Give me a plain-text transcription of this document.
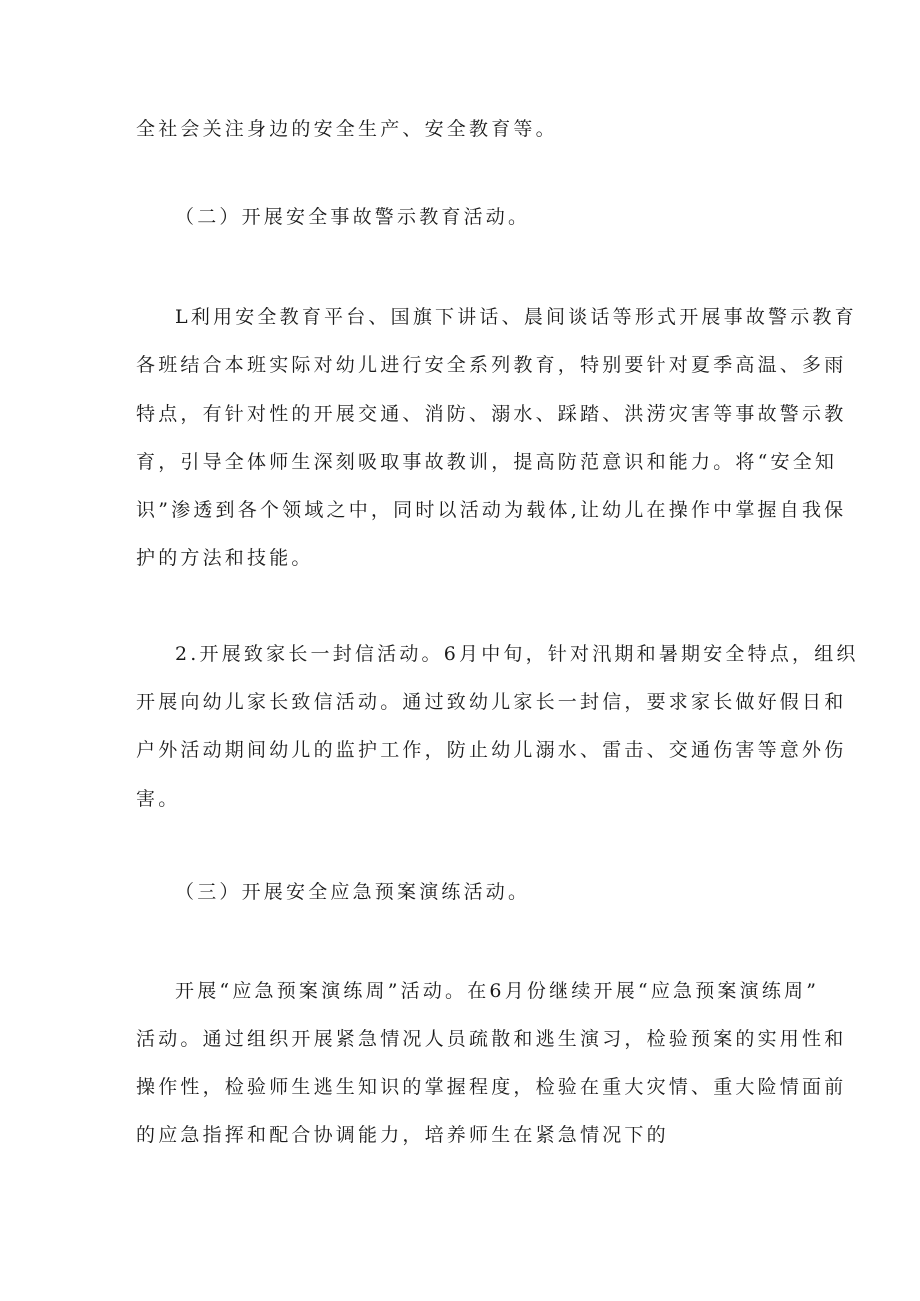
全社会关注身边的安全生产、安全教育等。
（二）开展安全事故警示教育活动。
L利用安全教育平台、国旗下讲话、晨间谈话等形式开展事故警示教育
各班结合本班实际对幼儿进行安全系列教育，特别要针对夏季高温、多雨
特点，有针对性的开展交通、消防、溺水、踩踏、洪涝灾害等事故警示教
育，引导全体师生深刻吸取事故教训，提高防范意识和能力。将“安全知
识”渗透到各个领域之中，同时以活动为载体,让幼儿在操作中掌握自我保
护的方法和技能。
2.开展致家长一封信活动。6月中旬，针对汛期和暑期安全特点，组织
开展向幼儿家长致信活动。通过致幼儿家长一封信，要求家长做好假日和
户外活动期间幼儿的监护工作，防止幼儿溺水、雷击、交通伤害等意外伤
害。
（三）开展安全应急预案演练活动。
开展“应急预案演练周”活动。在6月份继续开展“应急预案演练周”
活动。通过组织开展紧急情况人员疏散和逃生演习，检验预案的实用性和
操作性，检验师生逃生知识的掌握程度，检验在重大灾情、重大险情面前
的应急指挥和配合协调能力，培养师生在紧急情况下的
